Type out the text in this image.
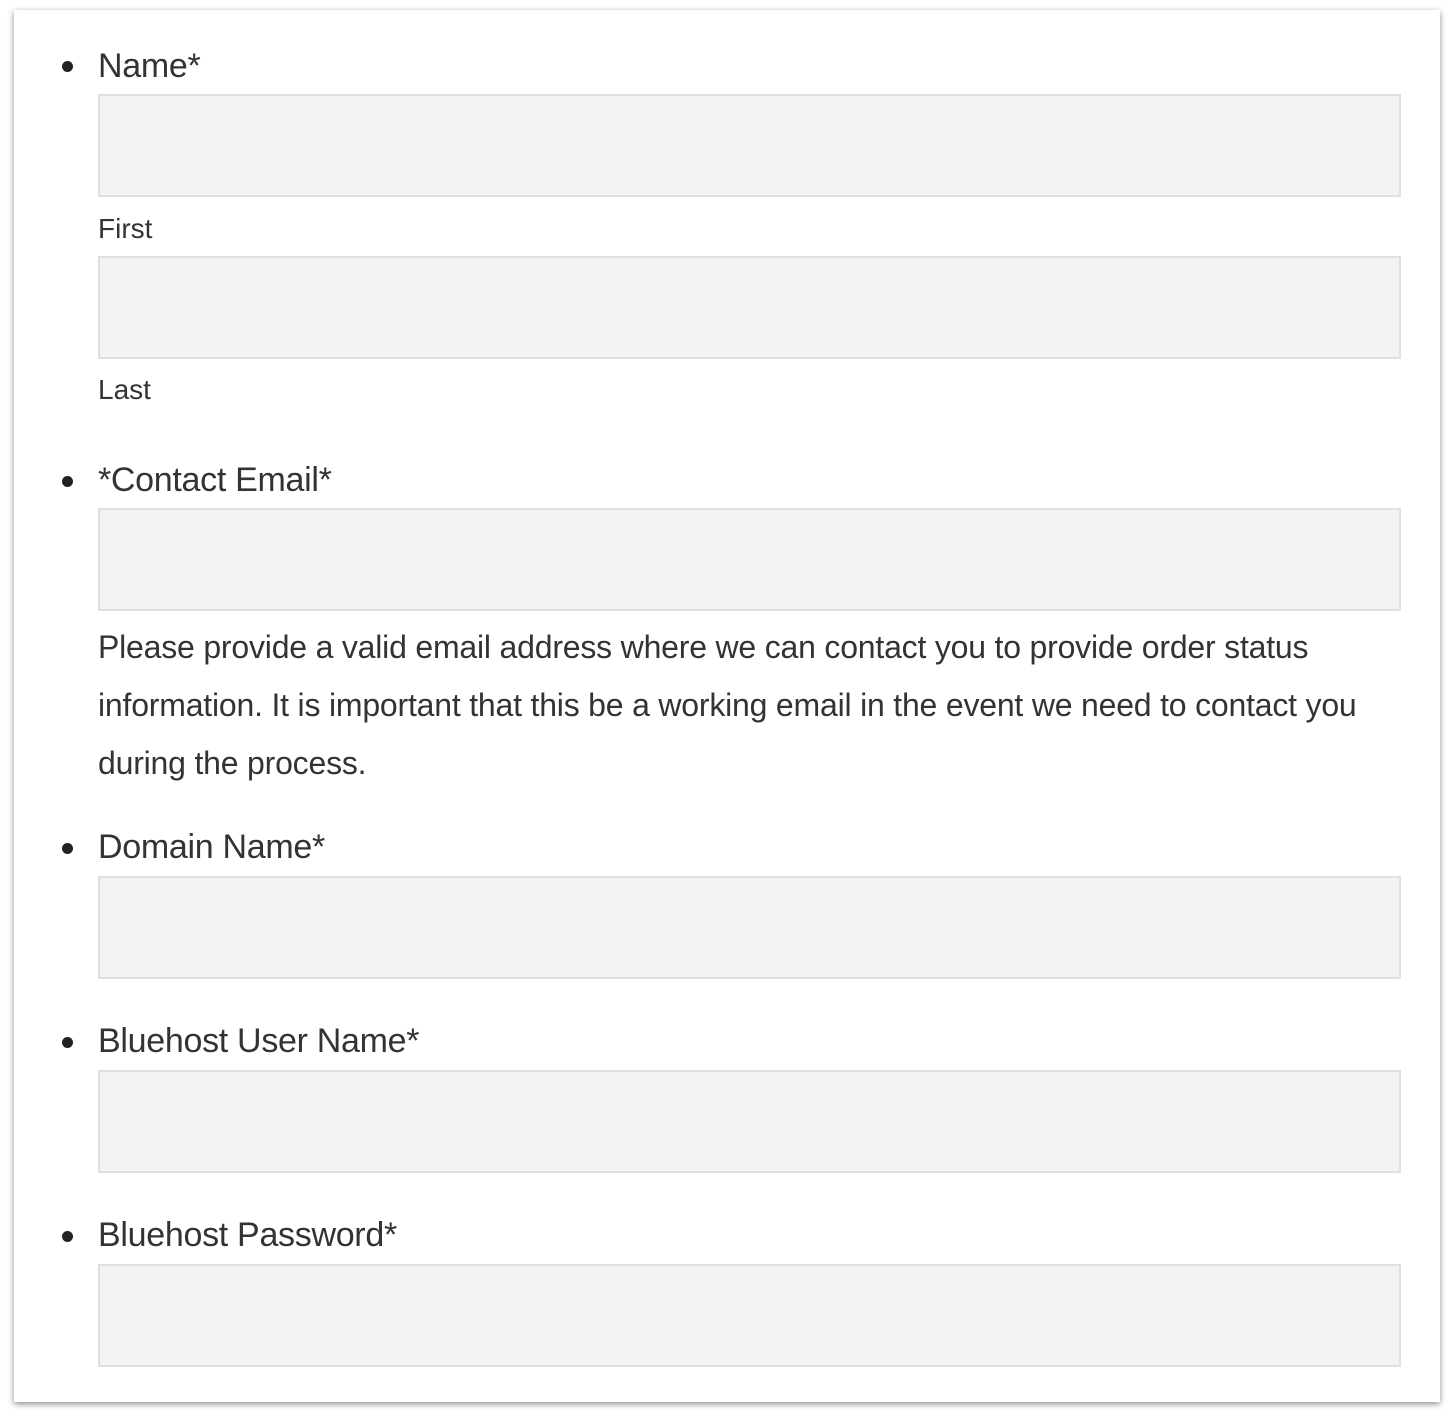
Name*
First
Last
*Contact Email*
Please provide a valid email address where we can contact you to provide order status information. It is important that this be a working email in the event we need to contact you during the process.
Domain Name*
Bluehost User Name*
Bluehost Password*
